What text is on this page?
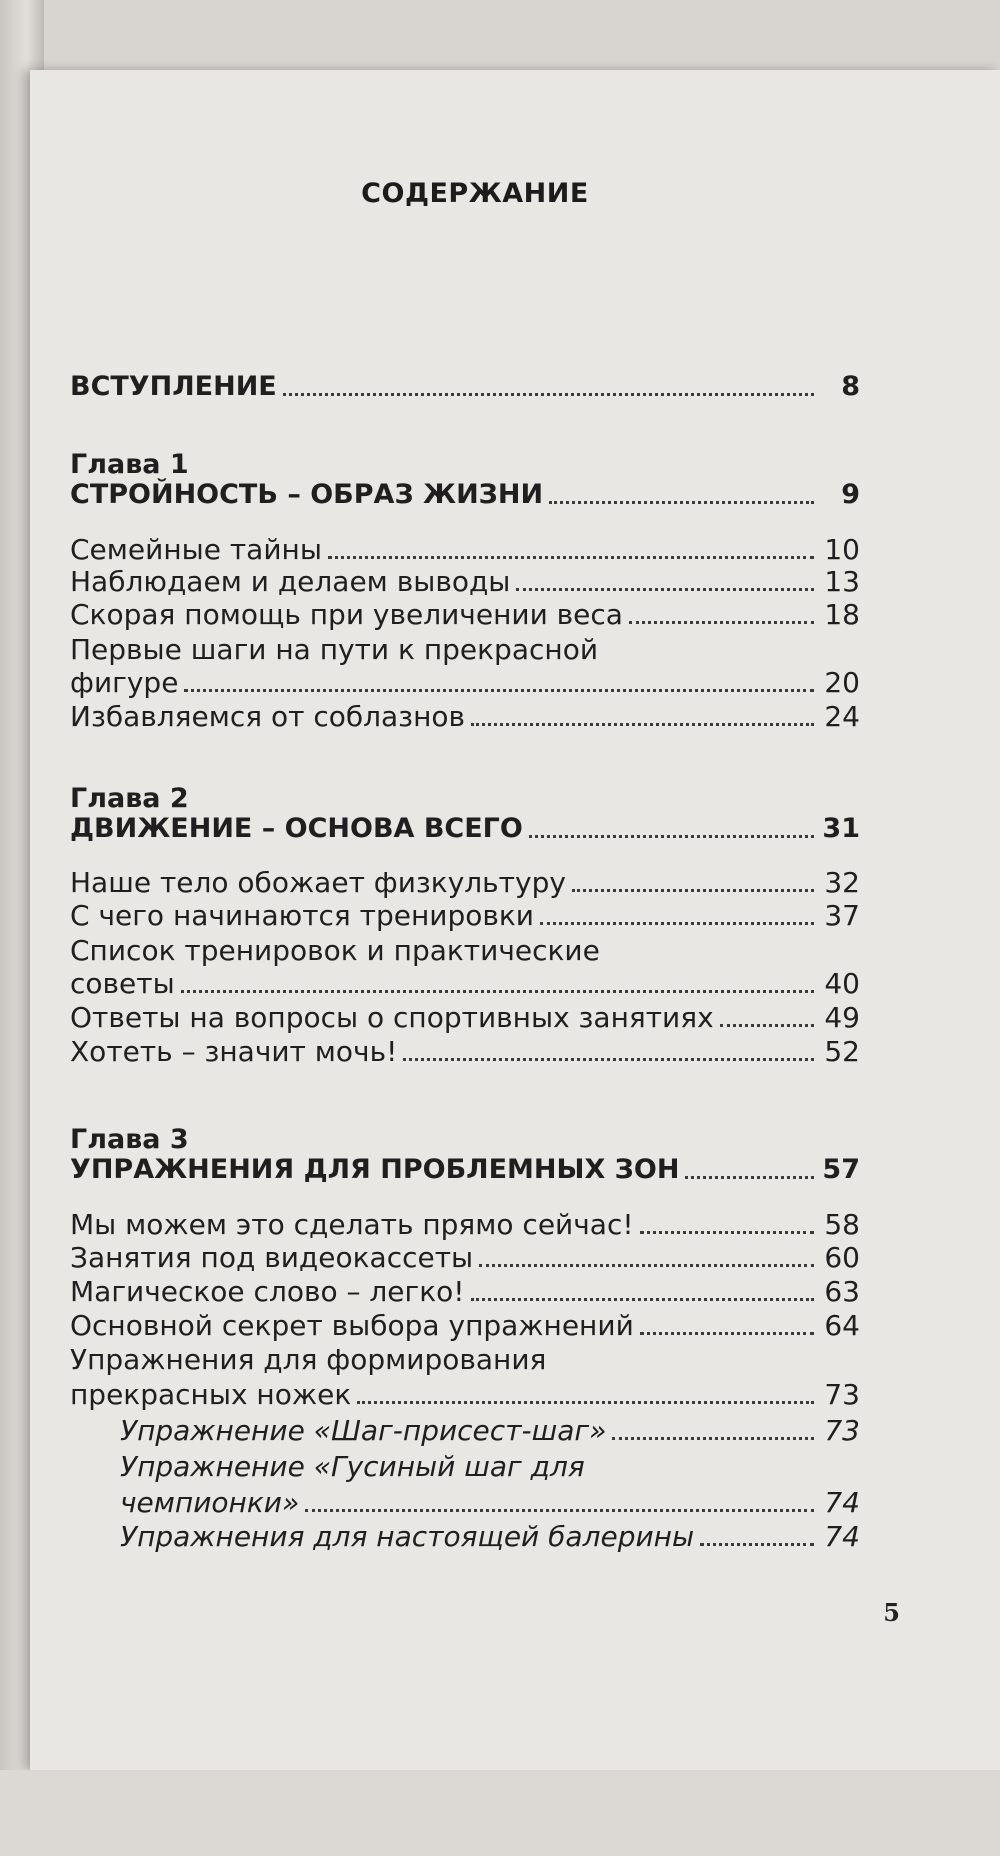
СОДЕРЖАНИЕ
ВСТУПЛЕНИЕ	8
Глава 1
СТРОЙНОСТЬ – ОБРАЗ ЖИЗНИ	9
Семейные тайны	10
Наблюдаем и делаем выводы	13
Скорая помощь при увеличении веса	18
Первые шаги на пути к прекрасной
фигуре	20
Избавляемся от соблазнов	24
Глава 2
ДВИЖЕНИЕ – ОСНОВА ВСЕГО	31
Наше тело обожает физкультуру	32
С чего начинаются тренировки	37
Список тренировок и практические
советы	40
Ответы на вопросы о спортивных занятиях	49
Хотеть – значит мочь!	52
Глава 3
УПРАЖНЕНИЯ ДЛЯ ПРОБЛЕМНЫХ ЗОН	57
Мы можем это сделать прямо сейчас!	58
Занятия под видеокассеты	60
Магическое слово – легко!	63
Основной секрет выбора упражнений	64
Упражнения для формирования
прекрасных ножек	73
Упражнение «Шаг-присест-шаг»	73
Упражнение «Гусиный шаг для
чемпионки»	74
Упражнения для настоящей балерины	74
5
